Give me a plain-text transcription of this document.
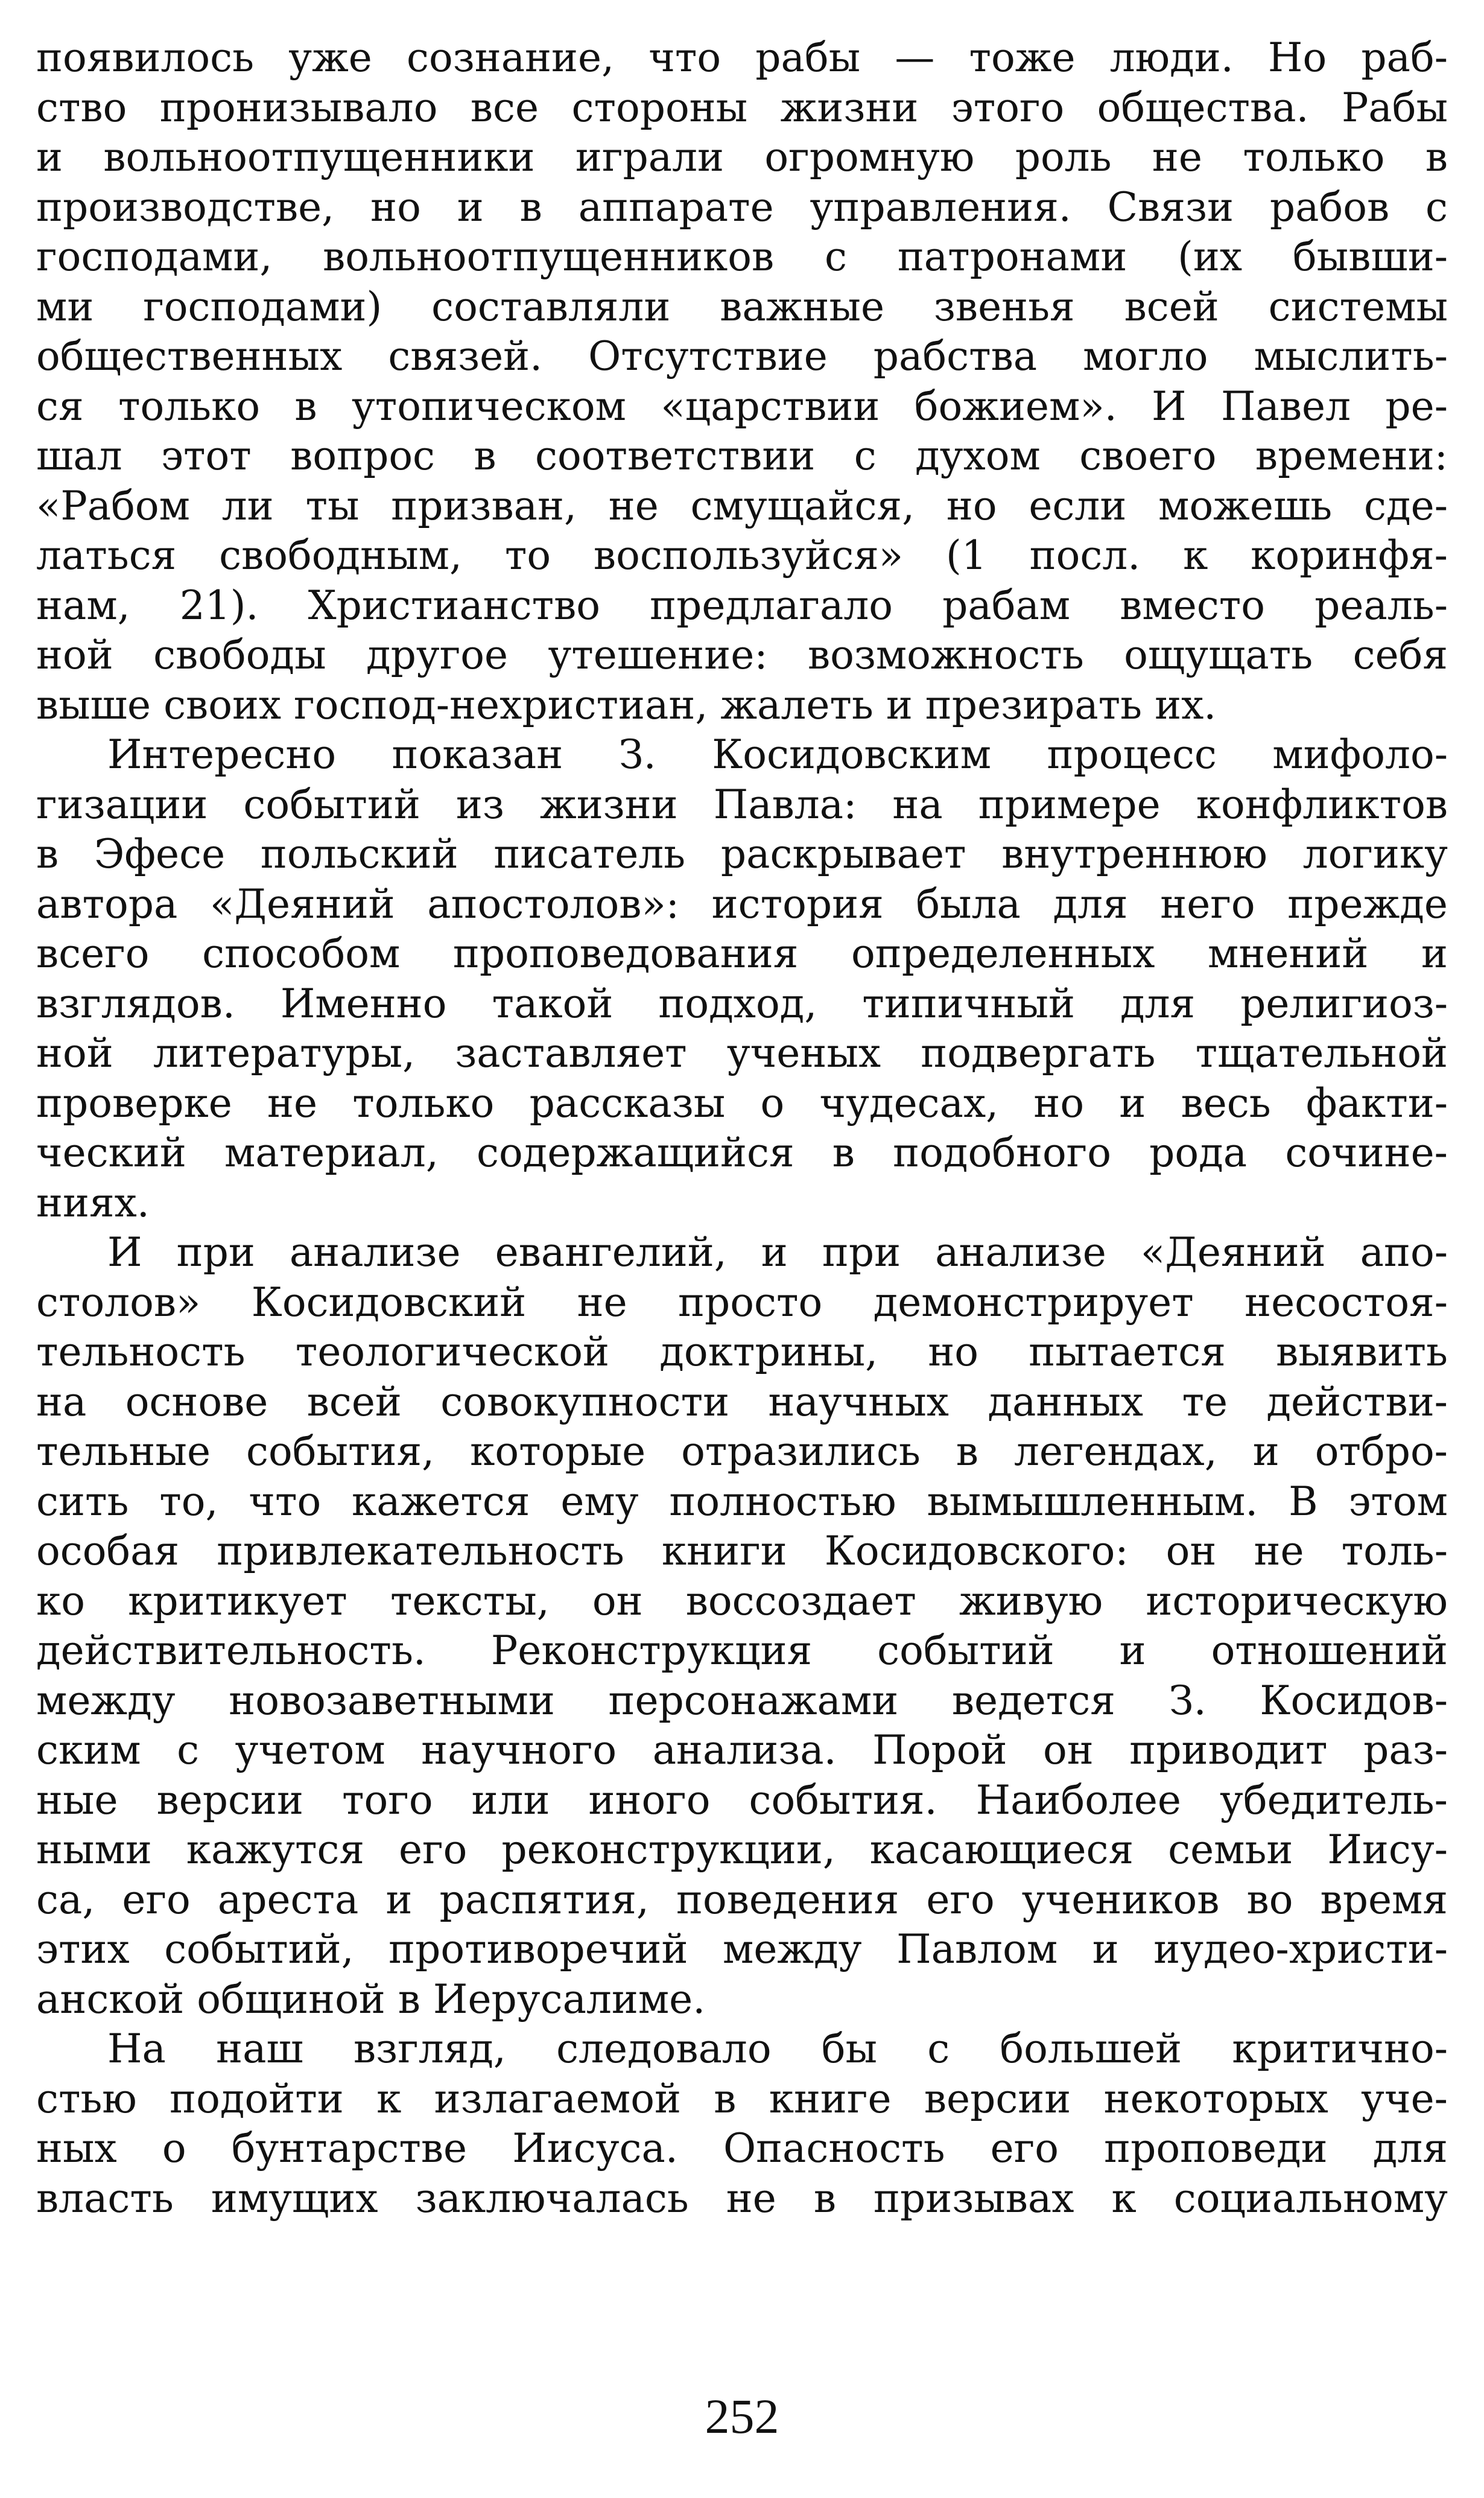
появилось уже сознание, что рабы — тоже люди. Но раб-
ство пронизывало все стороны жизни этого общества. Рабы
и вольноотпущенники играли огромную роль не только в
производстве, но и в аппарате управления. Связи рабов с
господами, вольноотпущенников с патронами (их бывши-
ми господами) составляли важные звенья всей системы
общественных связей. Отсутствие рабства могло мыслить-
ся только в утопическом «царствии божием». И Павел ре-
шал этот вопрос в соответствии с духом своего времени:
«Рабом ли ты призван, не смущайся, но если можешь сде-
латься свободным, то воспользуйся» (1 посл. к коринфя-
нам, 21). Христианство предлагало рабам вместо реаль-
ной свободы другое утешение: возможность ощущать себя
выше своих господ-нехристиан, жалеть и презирать их.
Интересно показан З. Косидовским процесс мифоло-
гизации событий из жизни Павла: на примере конфликтов
в Эфесе польский писатель раскрывает внутреннюю логику
автора «Деяний апостолов»: история была для него прежде
всего способом проповедования определенных мнений и
взглядов. Именно такой подход, типичный для религиоз-
ной литературы, заставляет ученых подвергать тщательной
проверке не только рассказы о чудесах, но и весь факти-
ческий материал, содержащийся в подобного рода сочине-
ниях.
И при анализе евангелий, и при анализе «Деяний апо-
столов» Косидовский не просто демонстрирует несостоя-
тельность теологической доктрины, но пытается выявить
на основе всей совокупности научных данных те действи-
тельные события, которые отразились в легендах, и отбро-
сить то, что кажется ему полностью вымышленным. В этом
особая привлекательность книги Косидовского: он не толь-
ко критикует тексты, он воссоздает живую историческую
действительность. Реконструкция событий и отношений
между новозаветными персонажами ведется З. Косидов-
ским с учетом научного анализа. Порой он приводит раз-
ные версии того или иного события. Наиболее убедитель-
ными кажутся его реконструкции, касающиеся семьи Иису-
са, его ареста и распятия, поведения его учеников во время
этих событий, противоречий между Павлом и иудео-христи-
анской общиной в Иерусалиме.
На наш взгляд, следовало бы с большей критично-
стью подойти к излагаемой в книге версии некоторых уче-
ных о бунтарстве Иисуса. Опасность его проповеди для
власть имущих заключалась не в призывах к социальному
252
